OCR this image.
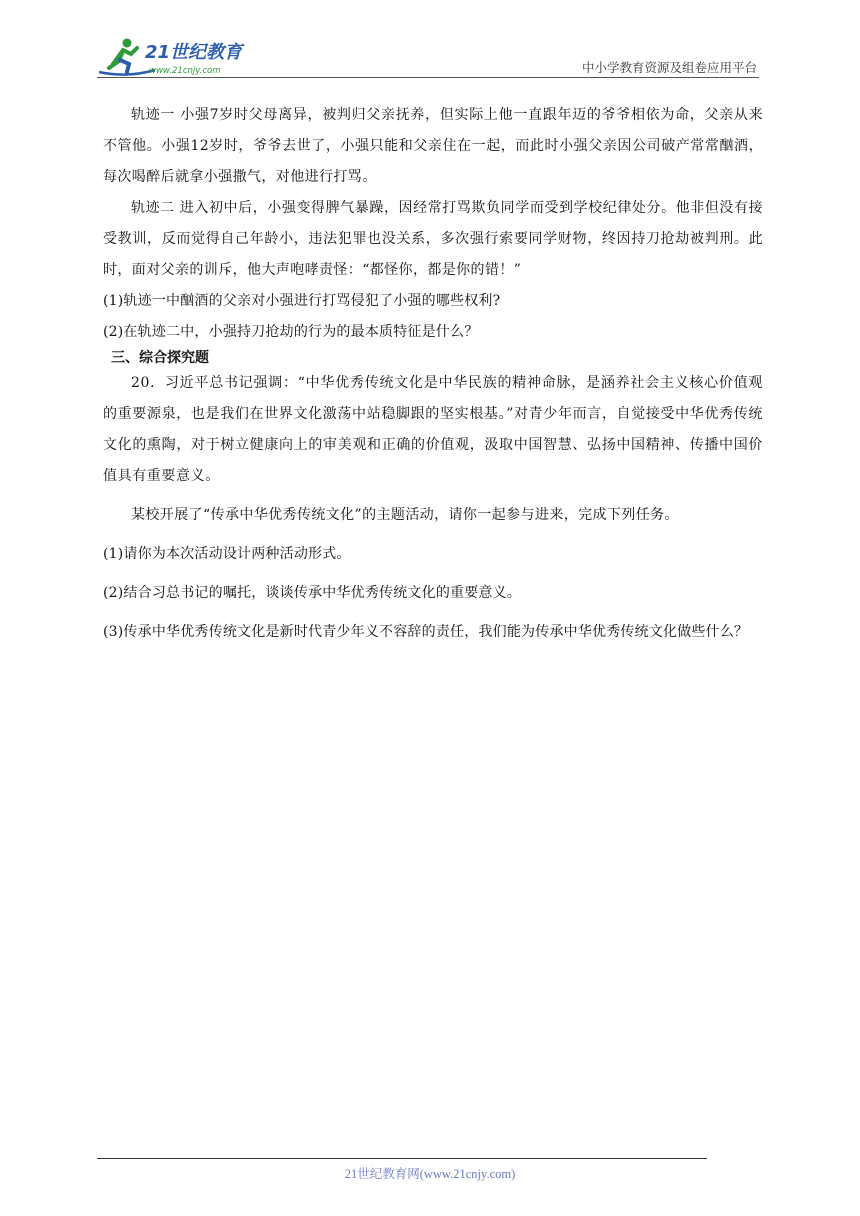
21世纪教育
www.21cnjy.com	中小学教育资源及组卷应用平台

轨迹一 小强7岁时父母离异，被判归父亲抚养，但实际上他一直跟年迈的爷爷相依为命，父亲从来不管他。小强12岁时，爷爷去世了，小强只能和父亲住在一起，而此时小强父亲因公司破产常常酗酒，每次喝醉后就拿小强撒气，对他进行打骂。

轨迹二 进入初中后，小强变得脾气暴躁，因经常打骂欺负同学而受到学校纪律处分。他非但没有接受教训，反而觉得自己年龄小，违法犯罪也没关系，多次强行索要同学财物，终因持刀抢劫被判刑。此时，面对父亲的训斥，他大声咆哮责怪：“都怪你，都是你的错！”

(1)轨迹一中酗酒的父亲对小强进行打骂侵犯了小强的哪些权利?

(2)在轨迹二中，小强持刀抢劫的行为的最本质特征是什么？

三、综合探究题

20．习近平总书记强调：“中华优秀传统文化是中华民族的精神命脉，是涵养社会主义核心价值观的重要源泉，也是我们在世界文化激荡中站稳脚跟的坚实根基。”对青少年而言，自觉接受中华优秀传统文化的熏陶，对于树立健康向上的审美观和正确的价值观，汲取中国智慧、弘扬中国精神、传播中国价值具有重要意义。

某校开展了“传承中华优秀传统文化”的主题活动，请你一起参与进来，完成下列任务。

(1)请你为本次活动设计两种活动形式。

(2)结合习总书记的嘱托，谈谈传承中华优秀传统文化的重要意义。

(3)传承中华优秀传统文化是新时代青少年义不容辞的责任，我们能为传承中华优秀传统文化做些什么？

21世纪教育网(www.21cnjy.com)
